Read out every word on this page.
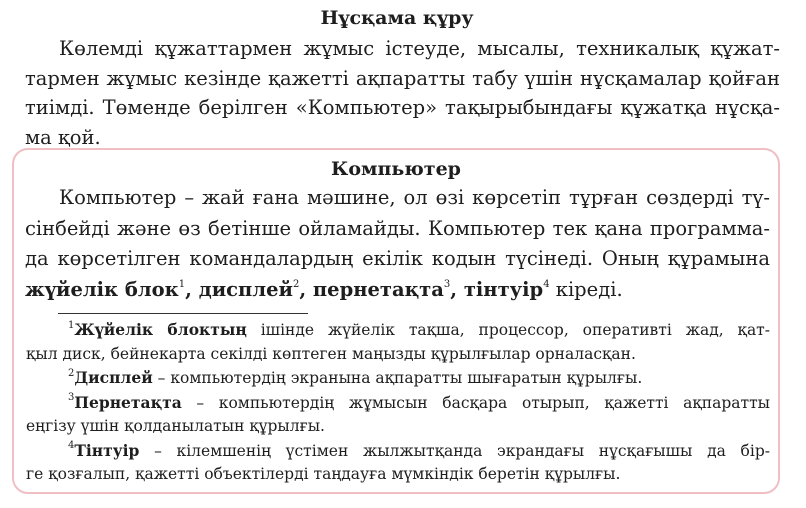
Нұсқама құру
Көлемді құжаттармен жұмыс істеуде, мысалы, техникалық құжат-
тармен жұмыс кезінде қажетті ақпаратты табу үшін нұсқамалар қойған
тиімді. Төменде берілген «Компьютер» тақырыбындағы құжатқа нұсқа-
ма қой.
Компьютер
Компьютер – жай ғана мәшине, ол өзі көрсетіп тұрған сөздерді тү-
сінбейді және өз бетінше ойламайды. Компьютер тек қана программа-
да көрсетілген командалардың екілік кодын түсінеді. Оның құрамына
жүйелік блок$^1$, дисплей$^2$, пернетақта$^3$, тінтуір$^4$ кіреді.
$^1$Жүйелік блоктың ішінде жүйелік тақша, процессор, оперативті жад, қат-
қыл диск, бейнекарта секілді көптеген маңызды құрылғылар орналасқан.
$^2$Дисплей – компьютердің экранына ақпаратты шығаратын құрылғы.
$^3$Пернетақта – компьютердің жұмысын басқара отырып, қажетті ақпаратты
еңгізу үшін қолданылатын құрылғы.
$^4$Тінтуір – кілемшенің үстімен жылжытқанда экрандағы нұсқағышы да бір-
ге қозғалып, қажетті объектілерді таңдауға мүмкіндік беретін құрылғы.
